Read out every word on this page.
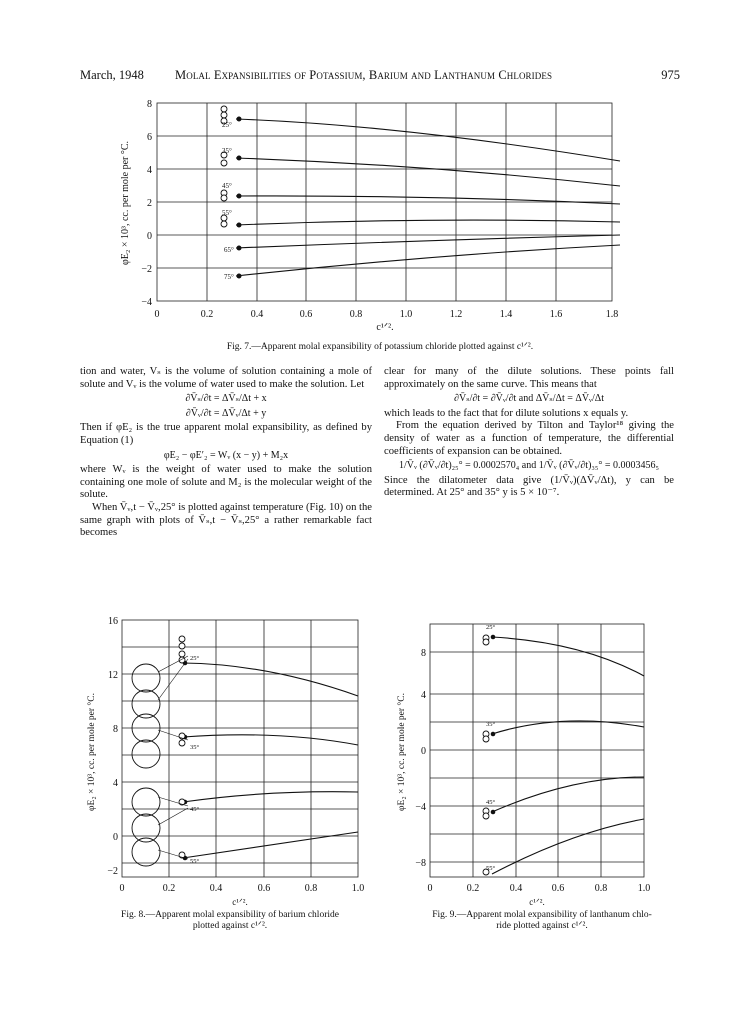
March, 1948 Molal Expansibilities of Potassium, Barium and Lanthanum Chlorides	975
25°
35°
45°
55°
65°
75°
8
6
4
2
0
−2
−4
0	0.2	0.4	0.6	0.8	1.0	1.2	1.4	1.6	1.8
c¹ᐟ².
φE₂ × 10³, cc. per mole per °C.
Fig. 7.—Apparent molal expansibility of potassium chloride plotted against c¹ᐟ².

tion and water, Vₛ is the volume of solution containing a mole of solute and Vᵥ is the volume of water used to make the solution. Let

∂V̄ₛ/∂t = ΔV̄ₛ/Δt + x
∂V̄ᵥ/∂t = ΔV̄ᵥ/Δt + y

Then if φE₂ is the true apparent molal expansibility, as defined by Equation (1)

φE₂ − φE′₂ = Wᵥ (x − y) + M₂x

where Wᵥ is the weight of water used to make the solution containing one mole of solute and M₂ is the molecular weight of the solute.

When V̄ᵥ,t − V̄ᵥ,25° is plotted against temperature (Fig. 10) on the same graph with plots of V̄ₛ,t − V̄ₛ,25° a rather remarkable fact becomes

clear for many of the dilute solutions. These points fall approximately on the same curve. This means that

∂V̄ₛ/∂t = ∂V̄ᵥ/∂t and ΔV̄ₛ/Δt = ΔV̄ᵥ/Δt

which leads to the fact that for dilute solutions x equals y.

From the equation derived by Tilton and Taylor¹⁸ giving the density of water as a function of temperature, the differential coefficients of expansion can be obtained.

1/V̄ᵥ (∂V̄ᵥ/∂t)₂₅° = 0.0002570₄ and 1/V̄ᵥ (∂V̄ᵥ/∂t)₃₅° = 0.0003456₅

Since the dilatometer data give (1/V̄ᵥ)(ΔV̄ᵥ/Δt), y can be determined. At 25° and 35° y is 5 × 10⁻⁷.

25°
35°
45°
55°
16
12
8
4
0
−2
0	0.2	0.4	0.6	0.8	1.0
c¹ᐟ².
φE₂ × 10³, cc. per mole per °C.
Fig. 8.—Apparent molal expansibility of barium chloride
plotted against c¹ᐟ².
25°
35°
45°
55°
8
4
0
−4
−8
0	0.2	0.4	0.6	0.8	1.0
c¹ᐟ².
φE₂ × 10³, cc. per mole per °C.
Fig. 9.—Apparent molal expansibility of lanthanum chlo-
ride plotted against c¹ᐟ².
